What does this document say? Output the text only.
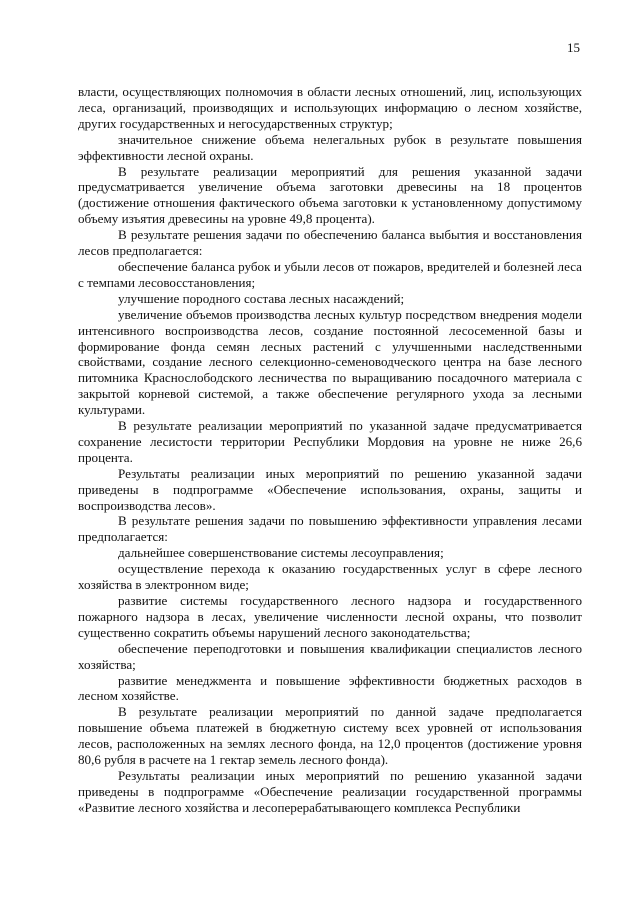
15

власти, осуществляющих полномочия в области лесных отношений, лиц, использующих леса, организаций, производящих и использующих информацию о лесном хозяйстве, других государственных и негосударственных структур;

значительное снижение объема нелегальных рубок в результате повышения эффективности лесной охраны.

В результате реализации мероприятий для решения указанной задачи предусматривается увеличение объема заготовки древесины на 18 процентов (достижение отношения фактического объема заготовки к установленному допустимому объему изъятия древесины на уровне 49,8 процента).

В результате решения задачи по обеспечению баланса выбытия и восстановления лесов предполагается:

обеспечение баланса рубок и убыли лесов от пожаров, вредителей и болезней леса с темпами лесовосстановления;

улучшение породного состава лесных насаждений;

увеличение объемов производства лесных культур посредством внедрения модели интенсивного воспроизводства лесов, создание постоянной лесосеменной базы и формирование фонда семян лесных растений с улучшенными наследственными свойствами, создание лесного селекционно-семеноводческого центра на базе лесного питомника Краснослободского лесничества по выращиванию посадочного материала с закрытой корневой системой, а также обеспечение регулярного ухода за лесными культурами.

В результате реализации мероприятий по указанной задаче предусматривается сохранение лесистости территории Республики Мордовия на уровне не ниже 26,6 процента.

Результаты реализации иных мероприятий по решению указанной задачи приведены в подпрограмме «Обеспечение использования, охраны, защиты и воспроизводства лесов».

В результате решения задачи по повышению эффективности управления лесами предполагается:

дальнейшее совершенствование системы лесоуправления;

осуществление перехода к оказанию государственных услуг в сфере лесного хозяйства в электронном виде;

развитие системы государственного лесного надзора и государственного пожарного надзора в лесах, увеличение численности лесной охраны, что позволит существенно сократить объемы нарушений лесного законодательства;

обеспечение переподготовки и повышения квалификации специалистов лесного хозяйства;

развитие менеджмента и повышение эффективности бюджетных расходов в лесном хозяйстве.

В результате реализации мероприятий по данной задаче предполагается повышение объема платежей в бюджетную систему всех уровней от использования лесов, расположенных на землях лесного фонда, на 12,0 процентов (достижение уровня 80,6 рубля в расчете на 1 гектар земель лесного фонда).

Результаты реализации иных мероприятий по решению указанной задачи приведены в подпрограмме «Обеспечение реализации государственной программы «Развитие лесного хозяйства и лесоперерабатывающего комплекса Республики
